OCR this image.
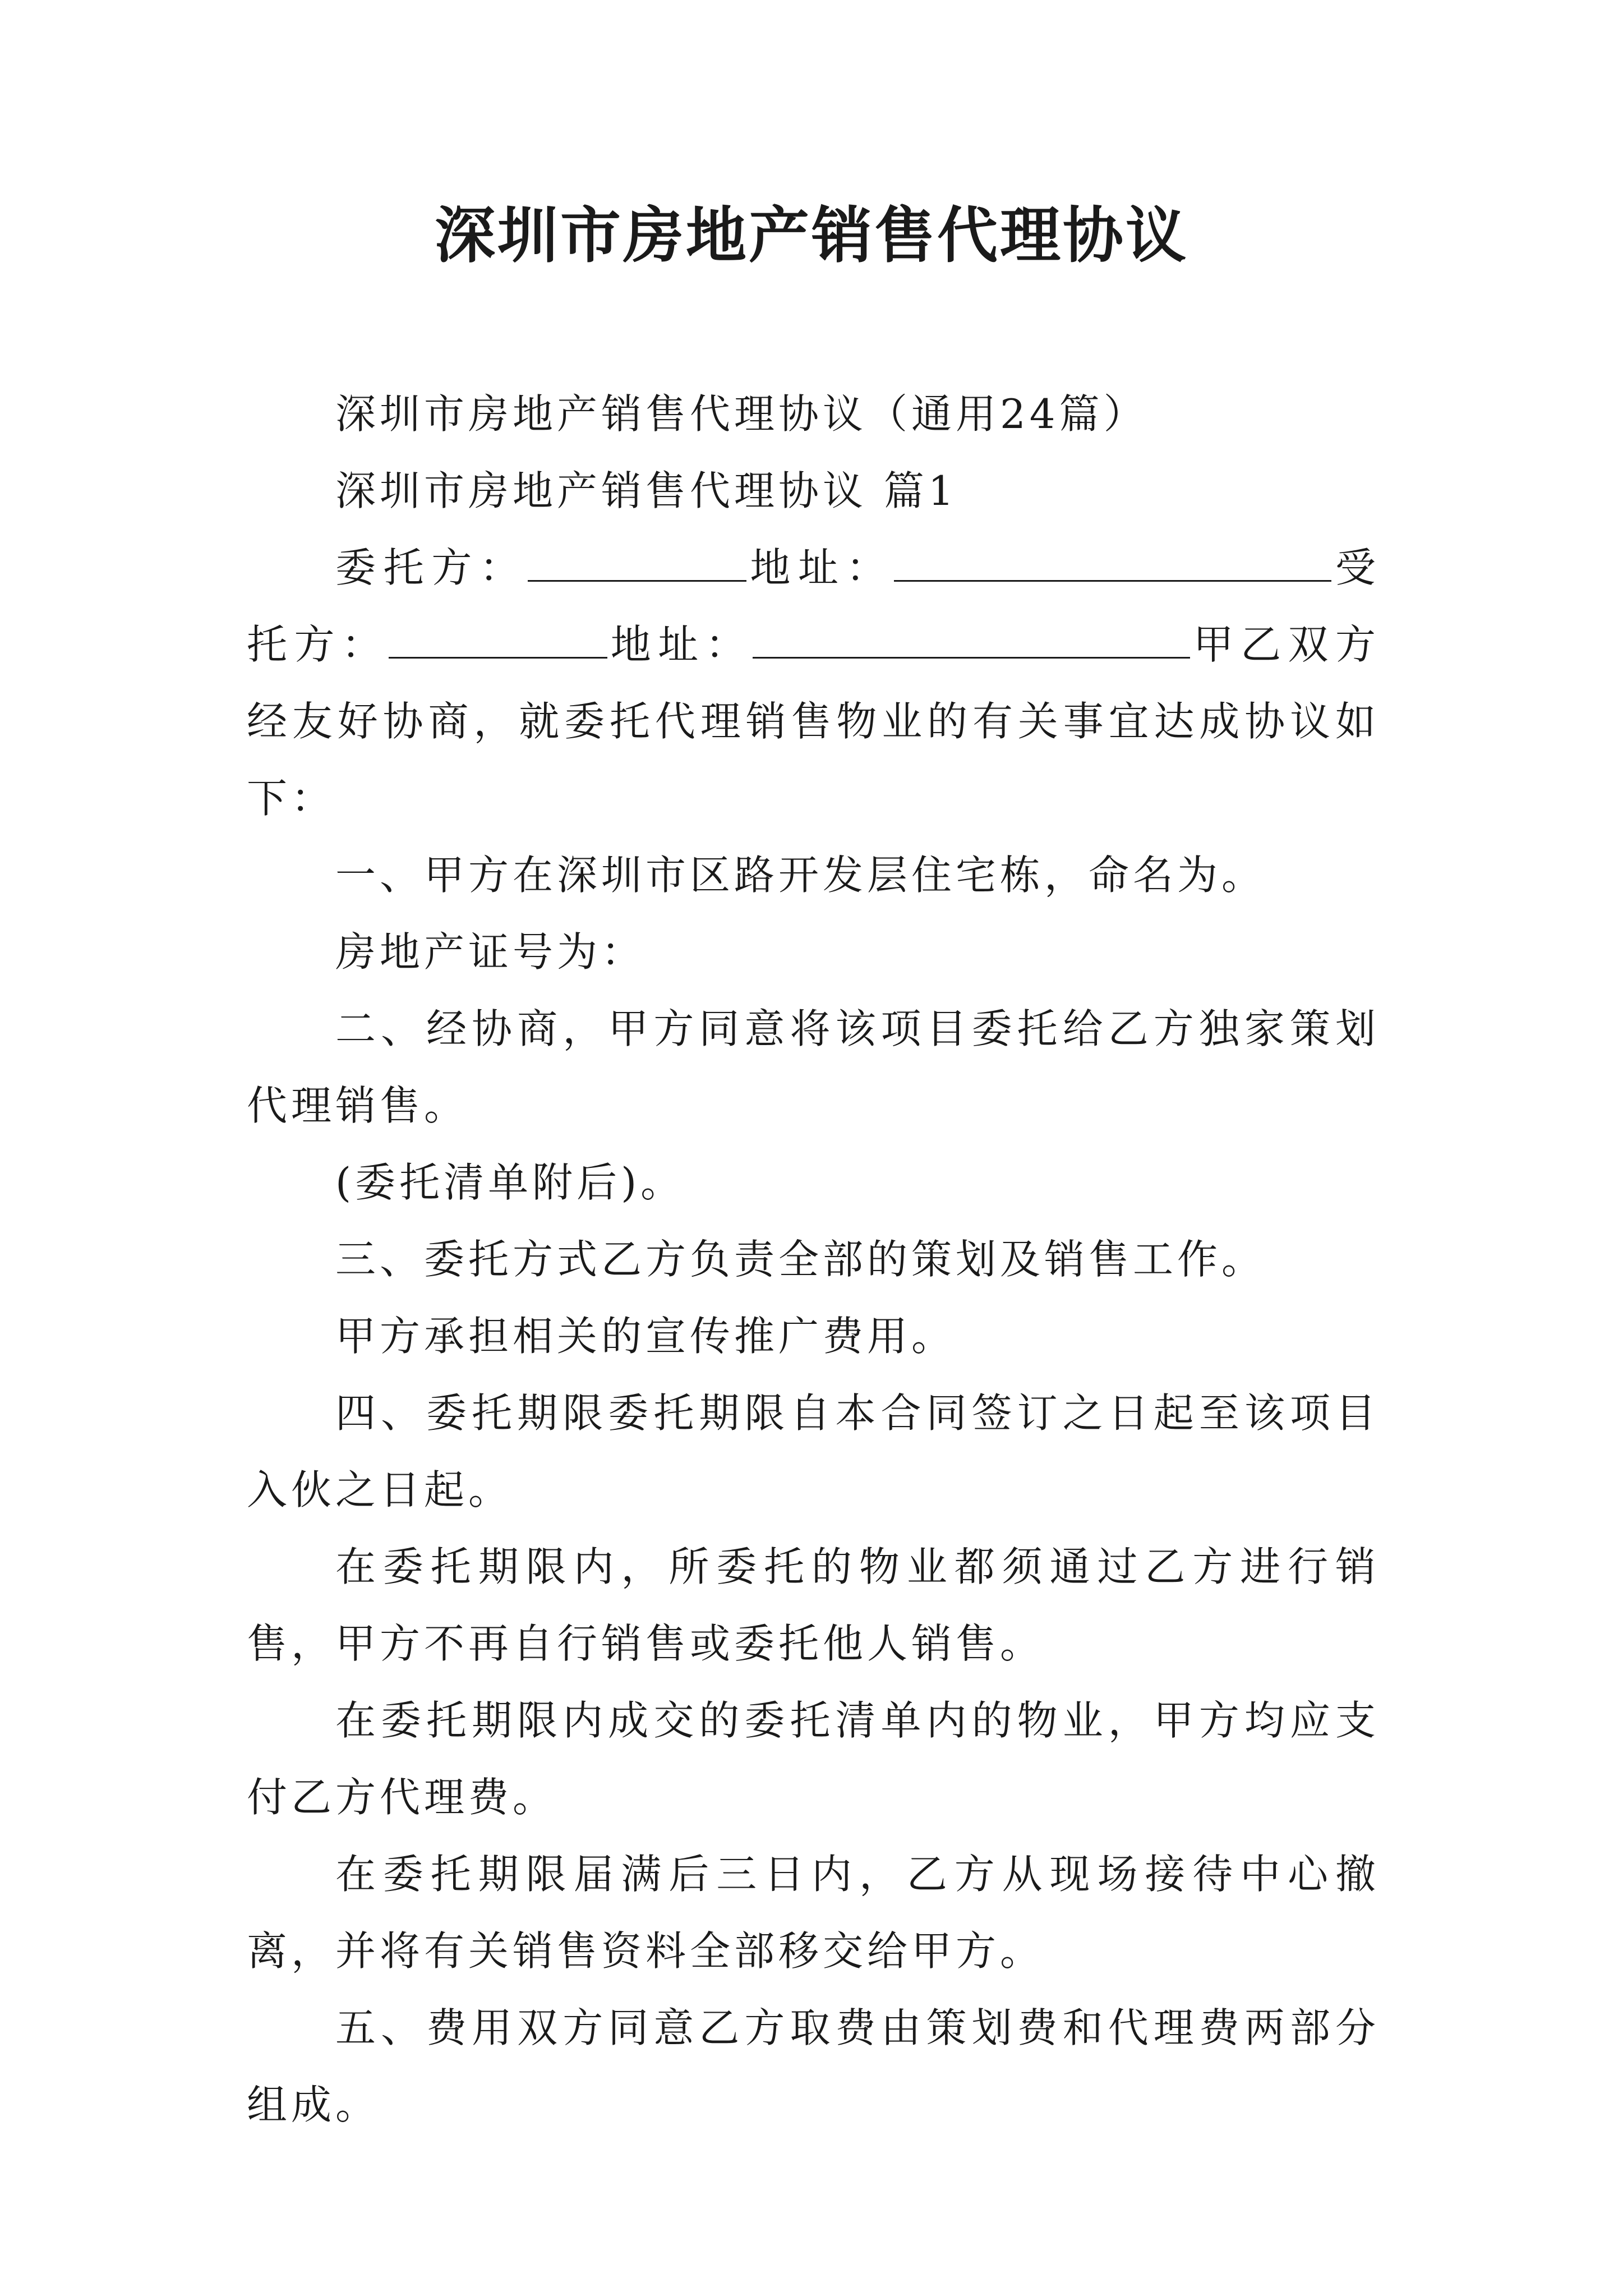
深圳市房地产销售代理协议

深圳市房地产销售代理协议（通用24篇）

深圳市房地产销售代理协议 篇1

委托方：	地址：	受托方：	地址：	甲乙双方经友好协商，就委托代理销售物业的有关事宜达成协议如下：

一、甲方在深圳市区路开发层住宅栋，命名为。

房地产证号为：

二、经协商，甲方同意将该项目委托给乙方独家策划代理销售。

(委托清单附后)。

三、委托方式乙方负责全部的策划及销售工作。

甲方承担相关的宣传推广费用。

四、委托期限委托期限自本合同签订之日起至该项目入伙之日起。

在委托期限内，所委托的物业都须通过乙方进行销售，甲方不再自行销售或委托他人销售。

在委托期限内成交的委托清单内的物业，甲方均应支付乙方代理费。

在委托期限届满后三日内，乙方从现场接待中心撤离，并将有关销售资料全部移交给甲方。

五、费用双方同意乙方取费由策划费和代理费两部分组成。
